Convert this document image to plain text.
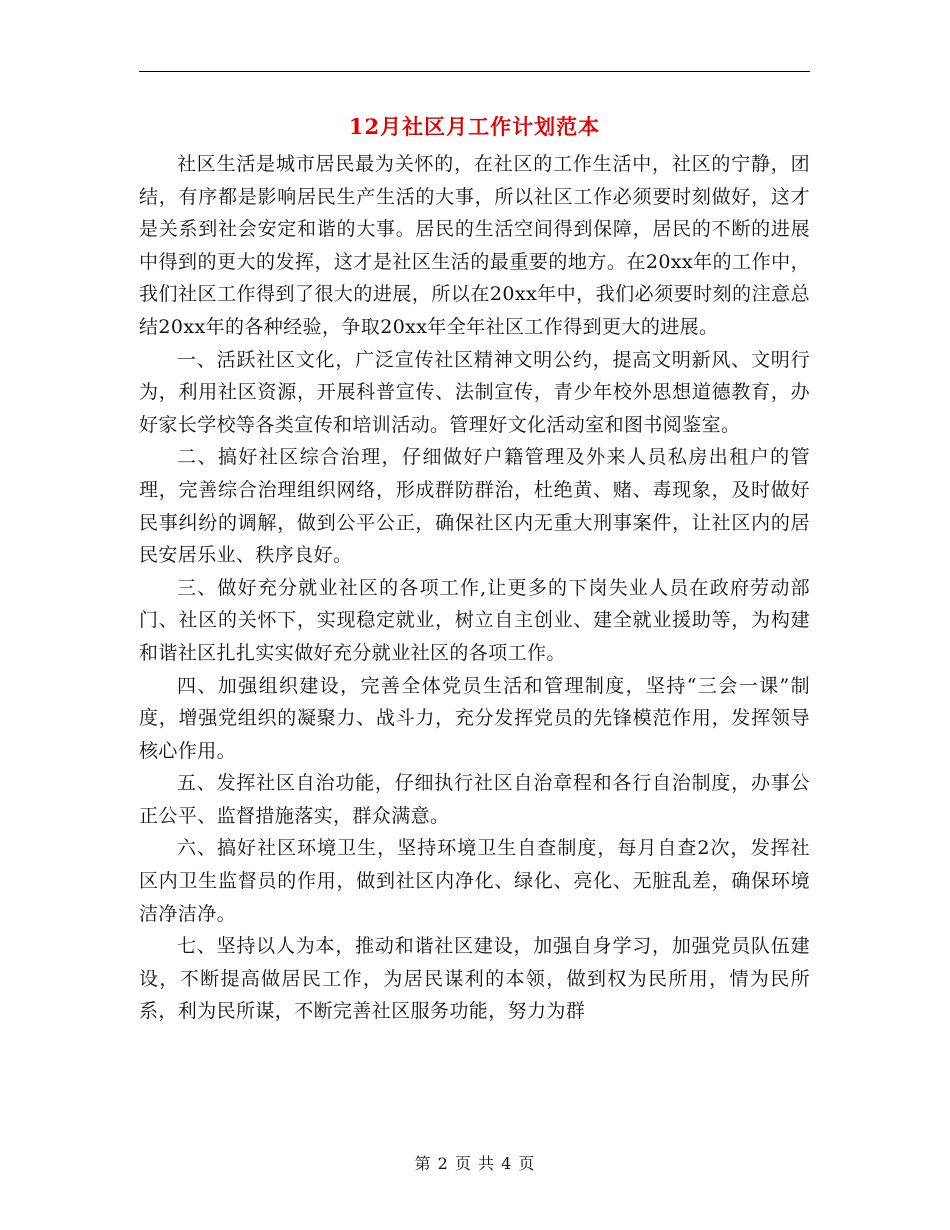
12月社区月工作计划范本

社区生活是城市居民最为关怀的，在社区的工作生活中，社区的宁静，团结，有序都是影响居民生产生活的大事，所以社区工作必须要时刻做好，这才是关系到社会安定和谐的大事。居民的生活空间得到保障，居民的不断的进展中得到的更大的发挥，这才是社区生活的最重要的地方。在20xx年的工作中，我们社区工作得到了很大的进展，所以在20xx年中，我们必须要时刻的注意总结20xx年的各种经验，争取20xx年全年社区工作得到更大的进展。

一、活跃社区文化，广泛宣传社区精神文明公约，提高文明新风、文明行为，利用社区资源，开展科普宣传、法制宣传，青少年校外思想道德教育，办好家长学校等各类宣传和培训活动。管理好文化活动室和图书阅鉴室。

二、搞好社区综合治理，仔细做好户籍管理及外来人员私房出租户的管理，完善综合治理组织网络，形成群防群治，杜绝黄、赌、毒现象，及时做好民事纠纷的调解，做到公平公正，确保社区内无重大刑事案件，让社区内的居民安居乐业、秩序良好。

三、做好充分就业社区的各项工作,让更多的下岗失业人员在政府劳动部门、社区的关怀下，实现稳定就业，树立自主创业、建全就业援助等，为构建和谐社区扎扎实实做好充分就业社区的各项工作。

四、加强组织建设，完善全体党员生活和管理制度，坚持“三会一课”制度，增强党组织的凝聚力、战斗力，充分发挥党员的先锋模范作用，发挥领导核心作用。

五、发挥社区自治功能，仔细执行社区自治章程和各行自治制度，办事公正公平、监督措施落实，群众满意。

六、搞好社区环境卫生，坚持环境卫生自查制度，每月自查2次，发挥社区内卫生监督员的作用，做到社区内净化、绿化、亮化、无脏乱差，确保环境洁净洁净。

七、坚持以人为本，推动和谐社区建设，加强自身学习，加强党员队伍建设，不断提高做居民工作，为居民谋利的本领，做到权为民所用，情为民所系，利为民所谋，不断完善社区服务功能，努力为群

第 2 页 共 4 页
